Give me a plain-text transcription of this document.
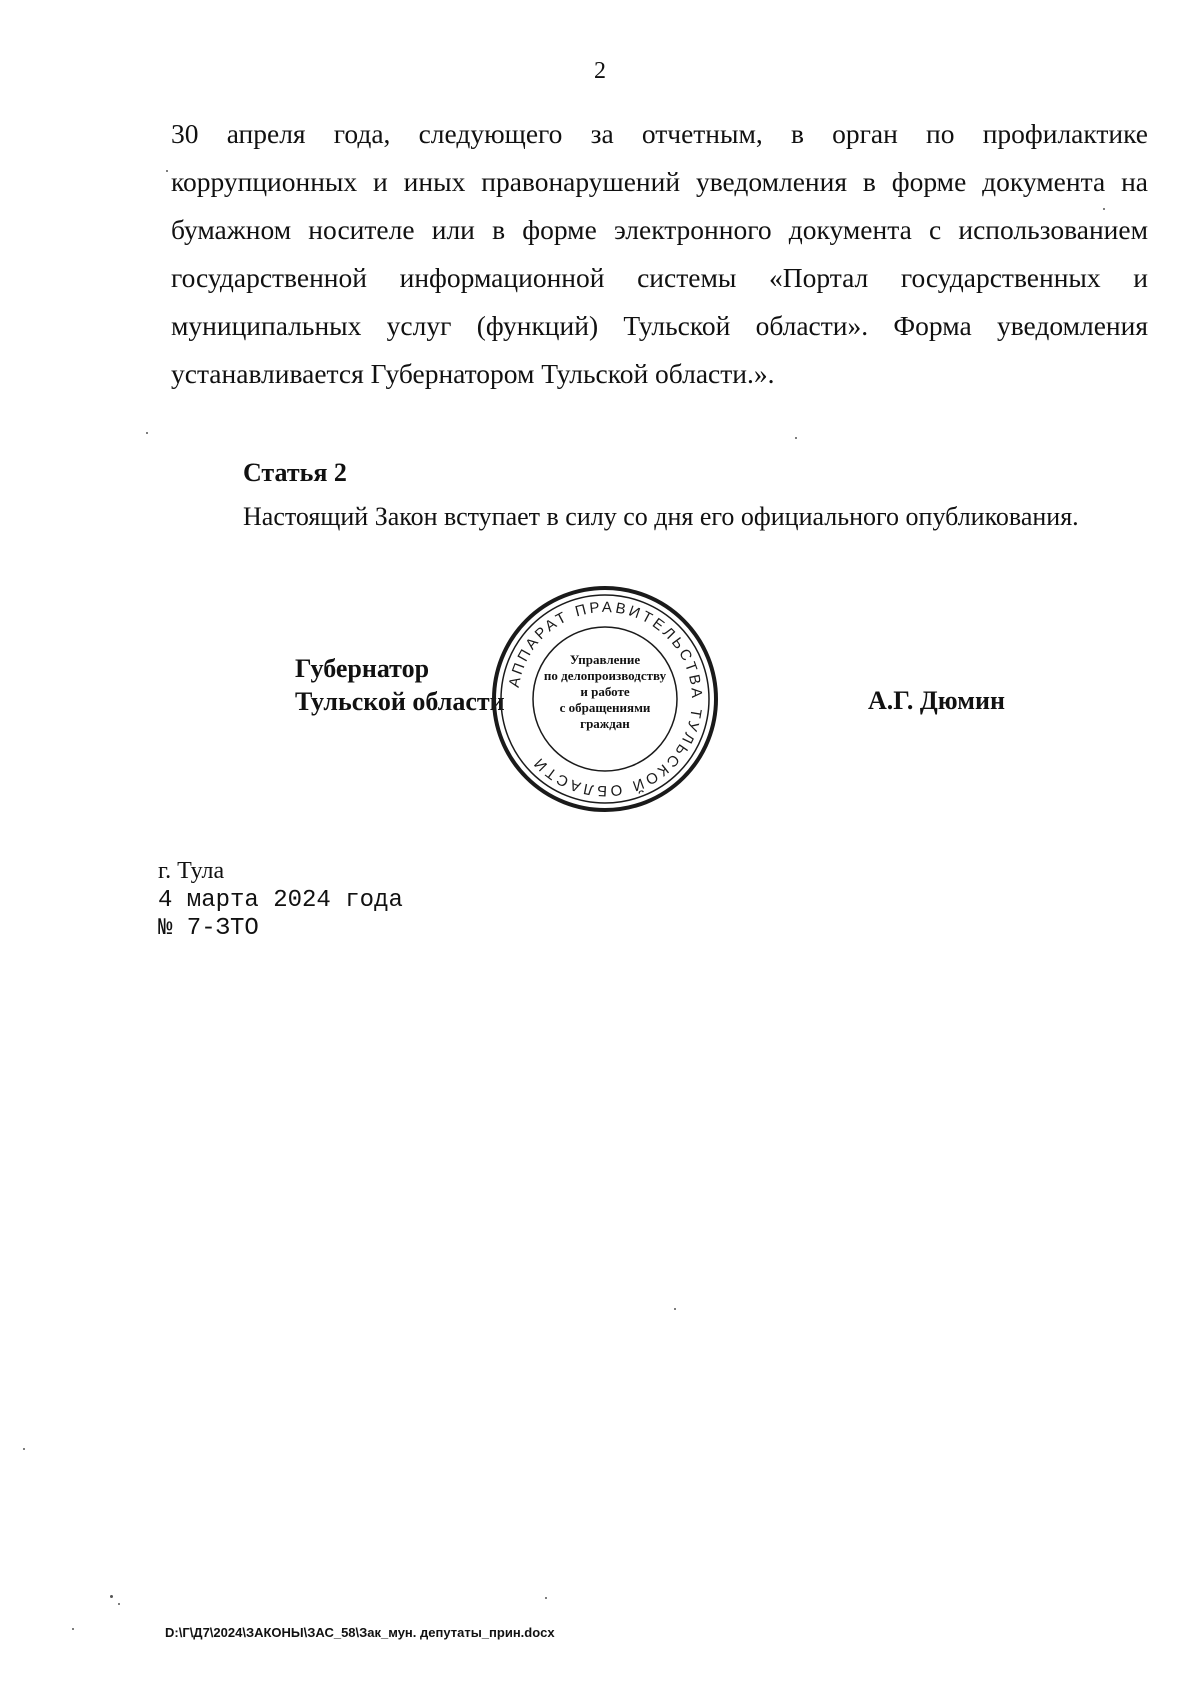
2
30 апреля года, следующего за отчетным, в орган по профилактике
коррупционных и иных правонарушений уведомления в форме документа на
бумажном носителе или в форме электронного документа с использованием
государственной информационной системы «Портал государственных и
муниципальных услуг (функций) Тульской области». Форма уведомления
устанавливается Губернатором Тульской области.».
Статья 2
Настоящий Закон вступает в силу со дня его официального опубликования.
Губернатор
Тульской области
АППАРАТ ПРАВИТЕЛЬСТВА ТУЛЬСКОЙ ОБЛАСТИ
Управление
по делопроизводству
и работе
с обращениями
граждан
А.Г. Дюмин
г. Тула
4 марта 2024 года
№ 7-ЗТО
D:\Г\Д7\2024\ЗАКОНЫ\ЗАС_58\Зак_мун. депутаты_прин.docx
